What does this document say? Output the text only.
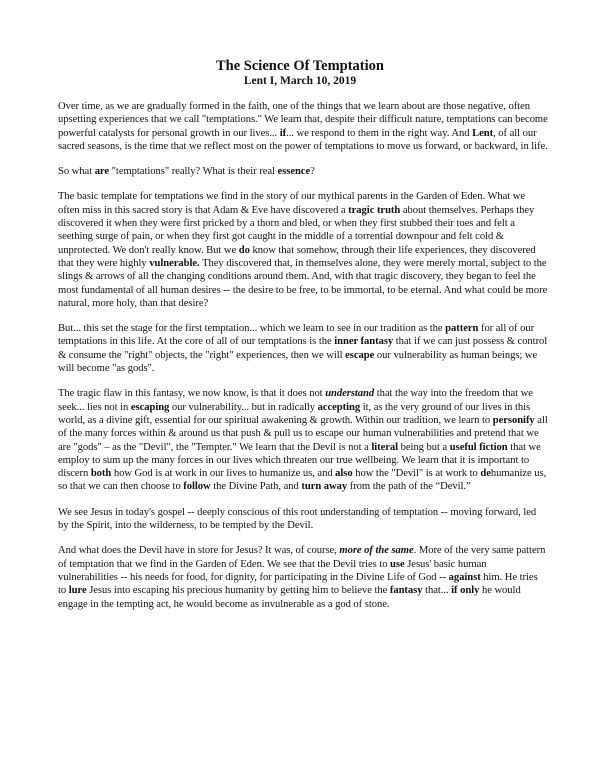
The Science Of Temptation
Lent I, March 10, 2019

Over time, as we are gradually formed in the faith, one of the things that we learn about are those negative, often upsetting experiences that we call "temptations." We learn that, despite their difficult nature, temptations can become powerful catalysts for personal growth in our lives... if... we respond to them in the right way. And Lent, of all our sacred seasons, is the time that we reflect most on the power of temptations to move us forward, or backward, in life.

So what are "temptations" really? What is their real essence?

The basic template for temptations we find in the story of our mythical parents in the Garden of Eden. What we often miss in this sacred story is that Adam & Eve have discovered a tragic truth about themselves. Perhaps they discovered it when they were first pricked by a thorn and bled, or when they first stubbed their toes and felt a seething surge of pain, or when they first got caught in the middle of a torrential downpour and felt cold & unprotected. We don't really know. But we do know that somehow, through their life experiences, they discovered that they were highly vulnerable. They discovered that, in themselves alone, they were merely mortal, subject to the slings & arrows of all the changing conditions around them. And, with that tragic discovery, they began to feel the most fundamental of all human desires -- the desire to be free, to be immortal, to be eternal. And what could be more natural, more holy, than that desire?

But... this set the stage for the first temptation... which we learn to see in our tradition as the pattern for all of our temptations in this life. At the core of all of our temptations is the inner fantasy that if we can just possess & control & consume the "right" objects, the "right" experiences, then we will escape our vulnerability as human beings; we will become "as gods".

The tragic flaw in this fantasy, we now know, is that it does not understand that the way into the freedom that we seek... lies not in escaping our vulnerability... but in radically accepting it, as the very ground of our lives in this world, as a divine gift, essential for our spiritual awakening & growth. Within our tradition, we learn to personify all of the many forces within & around us that push & pull us to escape our human vulnerabilities and pretend that we are "gods" – as the "Devil", the "Tempter." We learn that the Devil is not a literal being but a useful fiction that we employ to sum up the many forces in our lives which threaten our true wellbeing. We learn that it is important to discern both how God is at work in our lives to humanize us, and also how the "Devil" is at work to dehumanize us, so that we can then choose to follow the Divine Path, and turn away from the path of the “Devil.”

We see Jesus in today's gospel -- deeply conscious of this root understanding of temptation -- moving forward, led by the Spirit, into the wilderness, to be tempted by the Devil.

And what does the Devil have in store for Jesus? It was, of course, more of the same. More of the very same pattern of temptation that we find in the Garden of Eden. We see that the Devil tries to use Jesus' basic human vulnerabilities -- his needs for food, for dignity, for participating in the Divine Life of God -- against him. He tries to lure Jesus into escaping his precious humanity by getting him to believe the fantasy that... if only he would engage in the tempting act, he would become as invulnerable as a god of stone.
